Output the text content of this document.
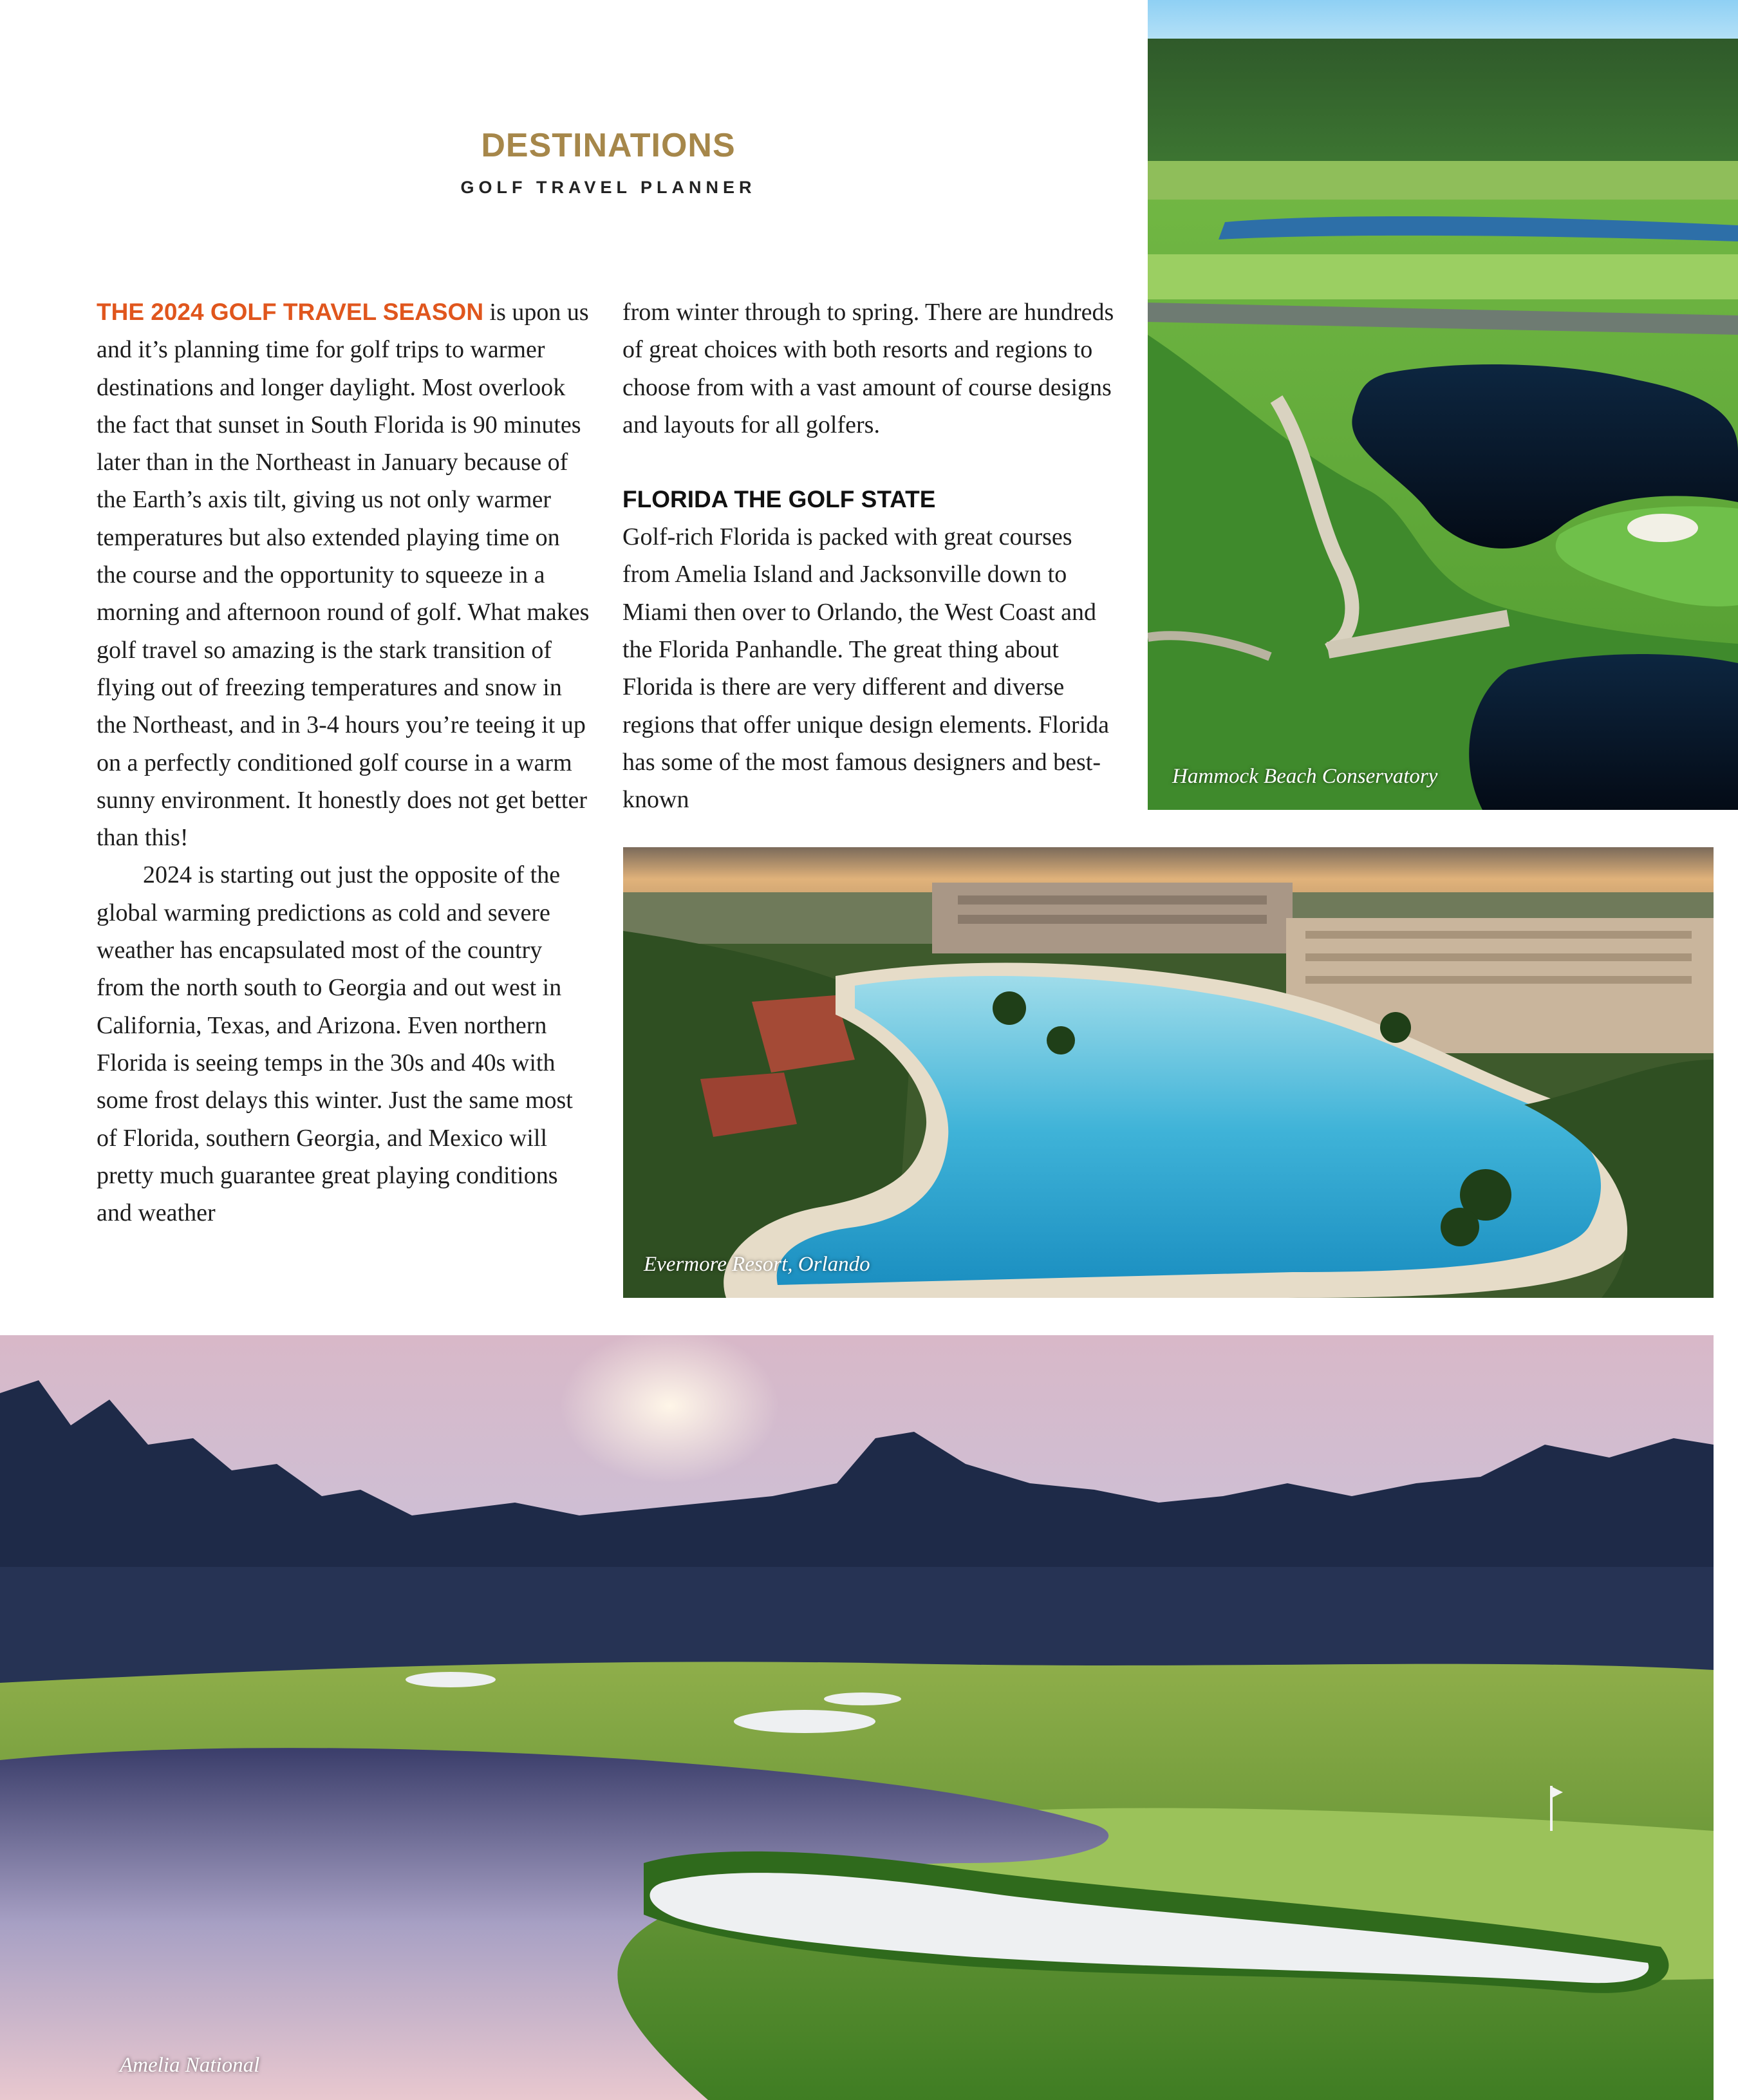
DESTINATIONS
GOLF TRAVEL PLANNER

THE 2024 GOLF TRAVEL SEASON is upon us and it’s planning time for golf trips to warmer destinations and longer daylight. Most overlook the fact that sunset in South Florida is 90 minutes later than in the Northeast in January because of the Earth’s axis tilt, giving us not only warmer temperatures but also extended playing time on the course and the opportunity to squeeze in a morning and afternoon round of golf. What makes golf travel so amazing is the stark transition of flying out of freezing temperatures and snow in the Northeast, and in 3-4 hours you’re teeing it up on a perfectly conditioned golf course in a warm sunny environment. It honestly does not get better than this!

2024 is starting out just the opposite of the global warming predictions as cold and severe weather has encapsulated most of the country from the north south to Georgia and out west in California, Texas, and Arizona. Even northern Florida is seeing temps in the 30s and 40s with some frost delays this winter. Just the same most of Florida, southern Georgia, and Mexico will pretty much guarantee great playing conditions and weather

from winter through to spring. There are hundreds of great choices with both resorts and regions to choose from with a vast amount of course designs and layouts for all golfers.

FLORIDA THE GOLF STATE

Golf-rich Florida is packed with great courses from Amelia Island and Jacksonville down to Miami then over to Orlando, the West Coast and the Florida Panhandle. The great thing about Florida is there are very different and diverse regions that offer unique design elements. Florida has some of the most famous designers and best-known

Hammock Beach Conservatory
Evermore Resort, Orlando
Amelia National
